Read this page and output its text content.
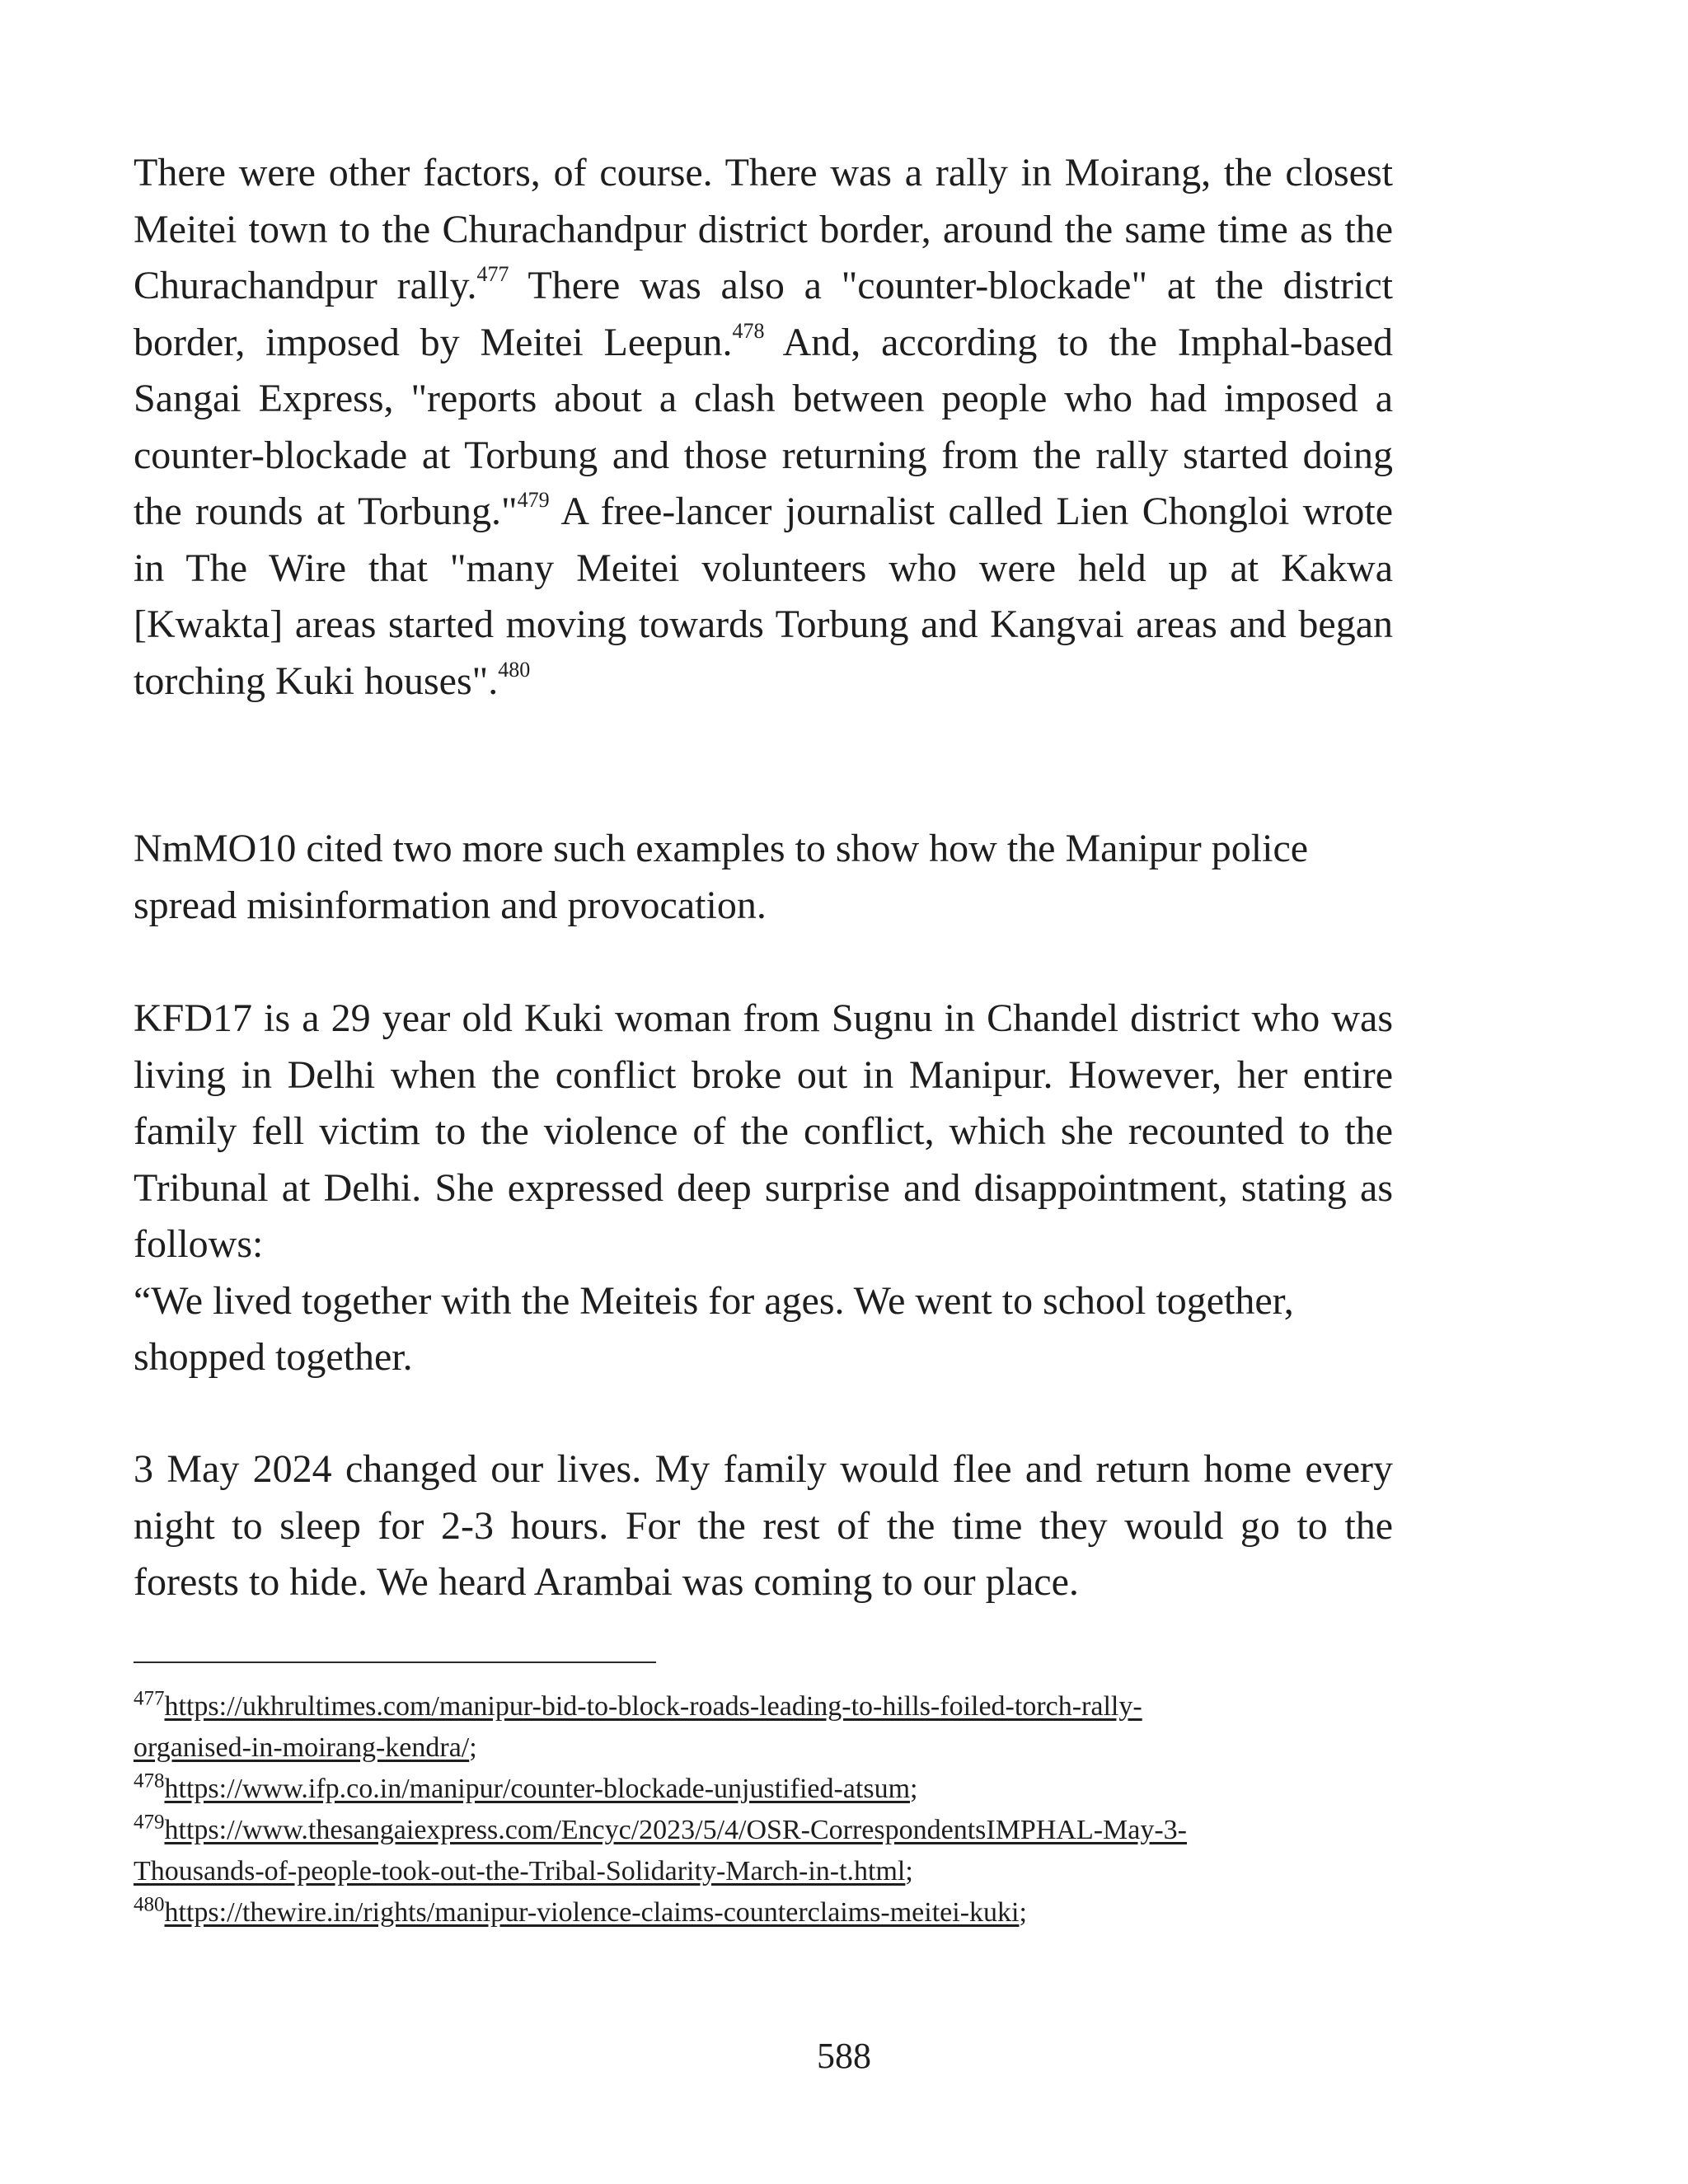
There were other factors, of course. There was a rally in Moirang, the closest Meitei town to the Churachandpur district border, around the same time as the Churachandpur rally.$^{477}$ There was also a "counter-blockade" at the district border, imposed by Meitei Leepun.$^{478}$ And, according to the Imphal-based Sangai Express, "reports about a clash between people who had imposed a counter-blockade at Torbung and those returning from the rally started doing the rounds at Torbung."$^{479}$ A free-lancer journalist called Lien Chongloi wrote in The Wire that "many Meitei volunteers who were held up at Kakwa [Kwakta] areas started moving towards Torbung and Kangvai areas and began torching Kuki houses".$^{480}$

NmMO10 cited two more such examples to show how the Manipur police spread misinformation and provocation.

KFD17 is a 29 year old Kuki woman from Sugnu in Chandel district who was living in Delhi when the conflict broke out in Manipur. However, her entire family fell victim to the violence of the conflict, which she recounted to the Tribunal at Delhi. She expressed deep surprise and disappointment, stating as follows:

“We lived together with the Meiteis for ages. We went to school together, shopped together.

3 May 2024 changed our lives. My family would flee and return home every night to sleep for 2-3 hours. For the rest of the time they would go to the forests to hide. We heard Arambai was coming to our place.

$^{477}$https://ukhrultimes.com/manipur-bid-to-block-roads-leading-to-hills-foiled-torch-rally-
organised-in-moirang-kendra/;
$^{478}$https://www.ifp.co.in/manipur/counter-blockade-unjustified-atsum;
$^{479}$https://www.thesangaiexpress.com/Encyc/2023/5/4/OSR-CorrespondentsIMPHAL-May-3-
Thousands-of-people-took-out-the-Tribal-Solidarity-March-in-t.html;
$^{480}$https://thewire.in/rights/manipur-violence-claims-counterclaims-meitei-kuki;
588
